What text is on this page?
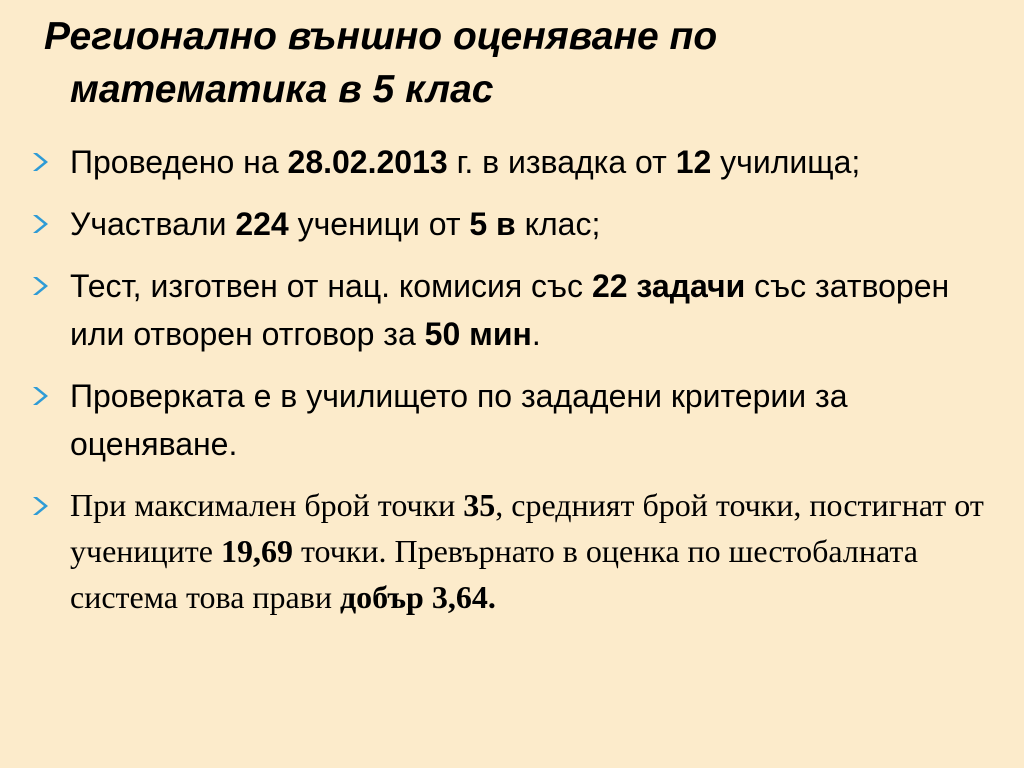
Регионално външно оценяване по
математика в 5 клас
Проведено на 28.02.2013 г. в извадка от 12 училища;
Участвали 224 ученици от 5 в клас;
Тест, изготвен от нац. комисия със 22 задачи със затворен или отворен отговор за 50 мин.
Проверката е в училището по зададени критерии за оценяване.
При максимален брой точки 35, средният брой точки, постигнат от учениците 19,69 точки. Превърнато в оценка по шестобалната система това прави добър 3,64.
